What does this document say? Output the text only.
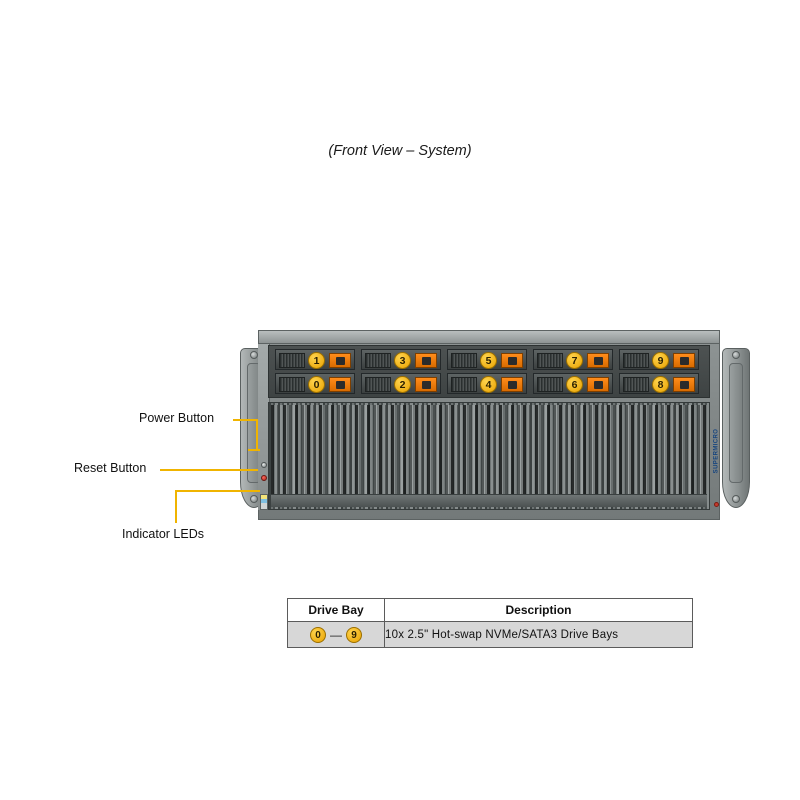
(Front View – System)
1
0
3
2
5
4
7
6
9
8
SUPERMICRO
Power Button
Reset Button
Indicator LEDs
Drive Bay	Description

0 — 9	10x 2.5" Hot-swap NVMe/SATA3 Drive Bays
